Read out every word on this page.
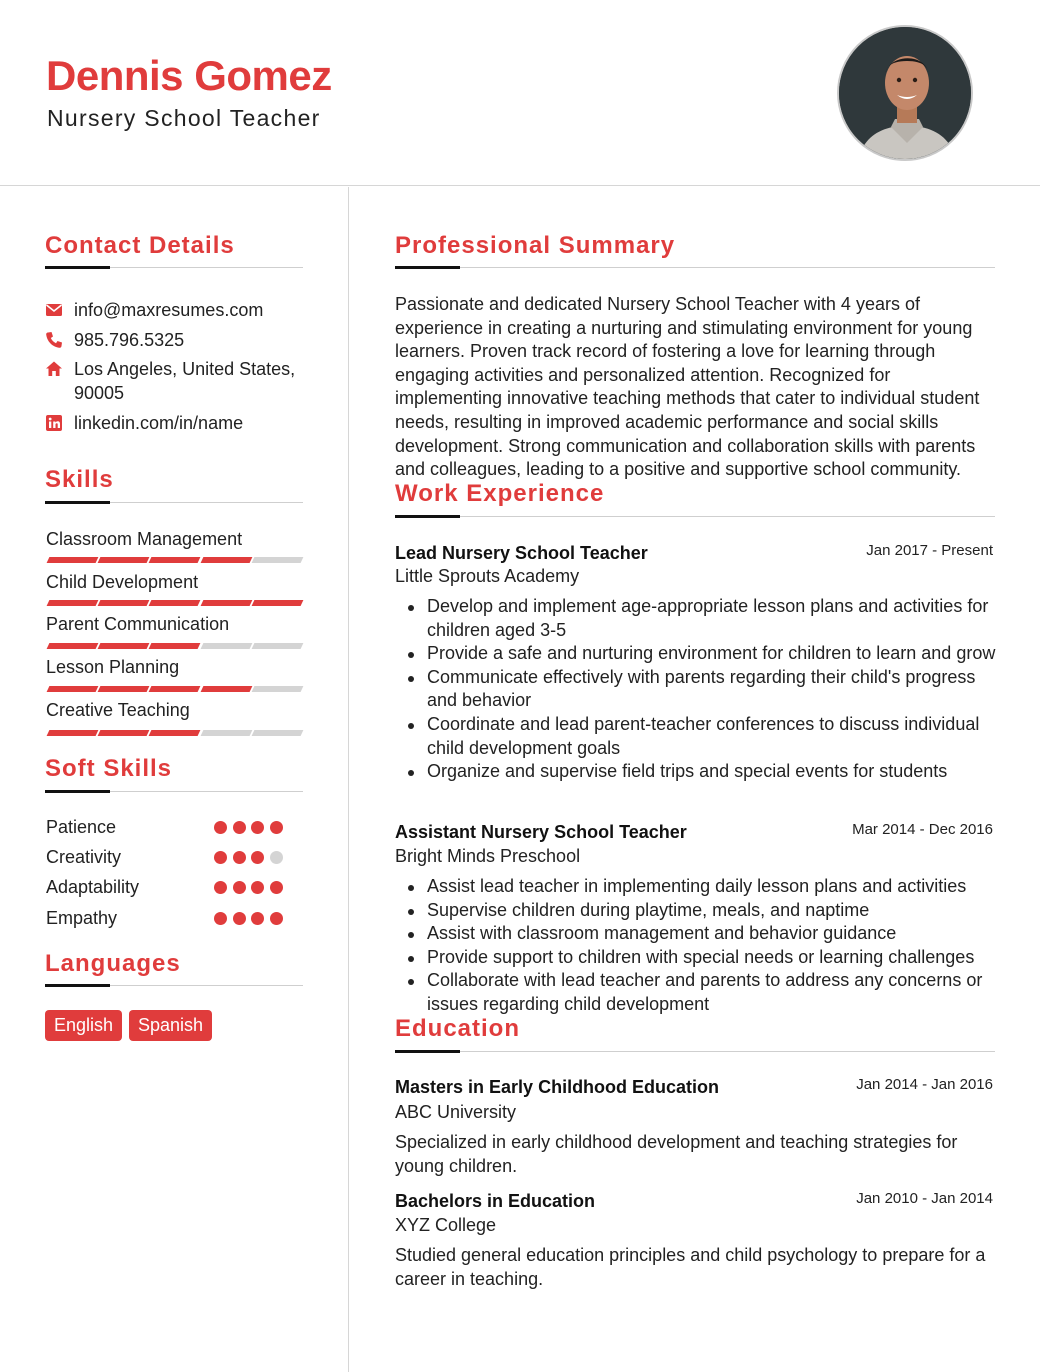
Dennis Gomez
Nursery School Teacher
Contact Details
info@maxresumes.com
985.796.5325
Los Angeles, United States, 90005
linkedin.com/in/name
Skills
Classroom Management
Child Development
Parent Communication
Lesson Planning
Creative Teaching
Soft Skills
Patience
Creativity
Adaptability
Empathy
Languages
English	Spanish
Professional Summary
Passionate and dedicated Nursery School Teacher with 4 years of experience in creating a nurturing and stimulating environment for young learners. Proven track record of fostering a love for learning through engaging activities and personalized attention. Recognized for implementing innovative teaching methods that cater to individual student needs, resulting in improved academic performance and social skills development. Strong communication and collaboration skills with parents and colleagues, leading to a positive and supportive school community.
Work Experience
Lead Nursery School Teacher	Jan 2017 - Present
Little Sprouts Academy
Develop and implement age-appropriate lesson plans and activities for children aged 3-5
Provide a safe and nurturing environment for children to learn and grow
Communicate effectively with parents regarding their child's progress and behavior
Coordinate and lead parent-teacher conferences to discuss individual child development goals
Organize and supervise field trips and special events for students
Assistant Nursery School Teacher	Mar 2014 - Dec 2016
Bright Minds Preschool
Assist lead teacher in implementing daily lesson plans and activities
Supervise children during playtime, meals, and naptime
Assist with classroom management and behavior guidance
Provide support to children with special needs or learning challenges
Collaborate with lead teacher and parents to address any concerns or issues regarding child development
Education
Masters in Early Childhood Education	Jan 2014 - Jan 2016
ABC University
Specialized in early childhood development and teaching strategies for young children.
Bachelors in Education	Jan 2010 - Jan 2014
XYZ College
Studied general education principles and child psychology to prepare for a career in teaching.
